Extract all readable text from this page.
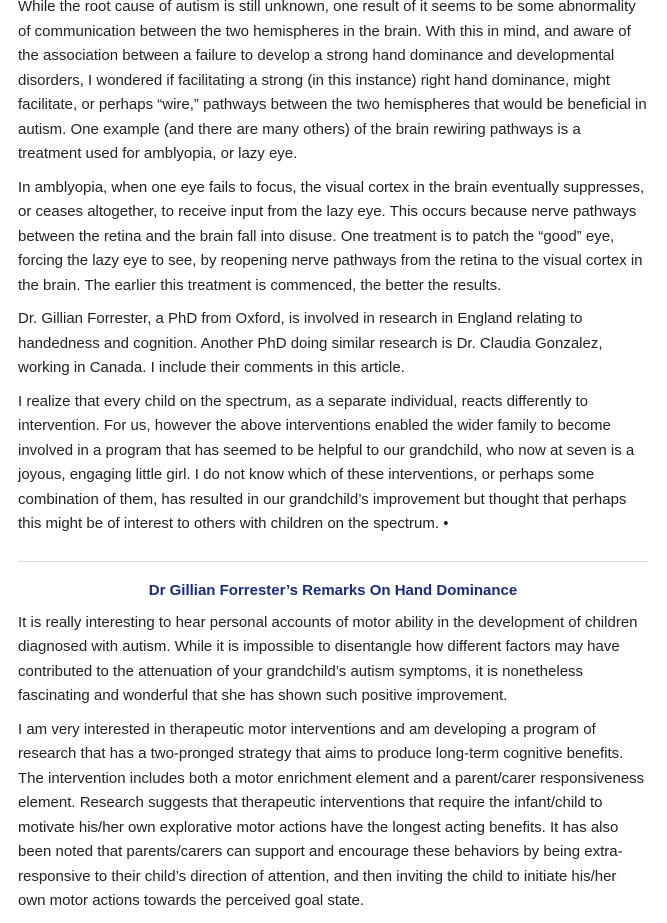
While the root cause of autism is still unknown, one result of it seems to be some abnormality of communication between the two hemispheres in the brain. With this in mind, and aware of the association between a failure to develop a strong hand dominance and developmental disorders, I wondered if facilitating a strong (in this instance) right hand dominance, might facilitate, or perhaps “wire,” pathways between the two hemispheres that would be beneficial in autism. One example (and there are many others) of the brain rewiring pathways is a treatment used for amblyopia, or lazy eye.

In amblyopia, when one eye fails to focus, the visual cortex in the brain eventually suppresses, or ceases altogether, to receive input from the lazy eye. This occurs because nerve pathways between the retina and the brain fall into disuse. One treatment is to patch the “good” eye, forcing the lazy eye to see, by reopening nerve pathways from the retina to the visual cortex in the brain. The earlier this treatment is commenced, the better the results.

Dr. Gillian Forrester, a PhD from Oxford, is involved in research in England relating to handedness and cognition. Another PhD doing similar research is Dr. Claudia Gonzalez, working in Canada. I include their comments in this article.

I realize that every child on the spectrum, as a separate individual, reacts differently to intervention. For us, however the above interventions enabled the wider family to become involved in a program that has seemed to be helpful to our grandchild, who now at seven is a joyous, engaging little girl. I do not know which of these interventions, or perhaps some combination of them, has resulted in our grandchild’s improvement but thought that perhaps this might be of interest to others with children on the spectrum. •

Dr Gillian Forrester’s Remarks On Hand Dominance

It is really interesting to hear personal accounts of motor ability in the development of children diagnosed with autism. While it is impossible to disentangle how different factors may have contributed to the attenuation of your grandchild’s autism symptoms, it is nonetheless fascinating and wonderful that she has shown such positive improvement.

I am very interested in therapeutic motor interventions and am developing a program of research that has a two-pronged strategy that aims to produce long-term cognitive benefits. The intervention includes both a motor enrichment element and a parent/carer responsiveness element. Research suggests that therapeutic interventions that require the infant/child to motivate his/her own explorative motor actions have the longest acting benefits. It has also been noted that parents/carers can support and encourage these behaviors by being extra-responsive to their child’s direction of attention, and then inviting the child to initiate his/her own motor actions towards the perceived goal state.
